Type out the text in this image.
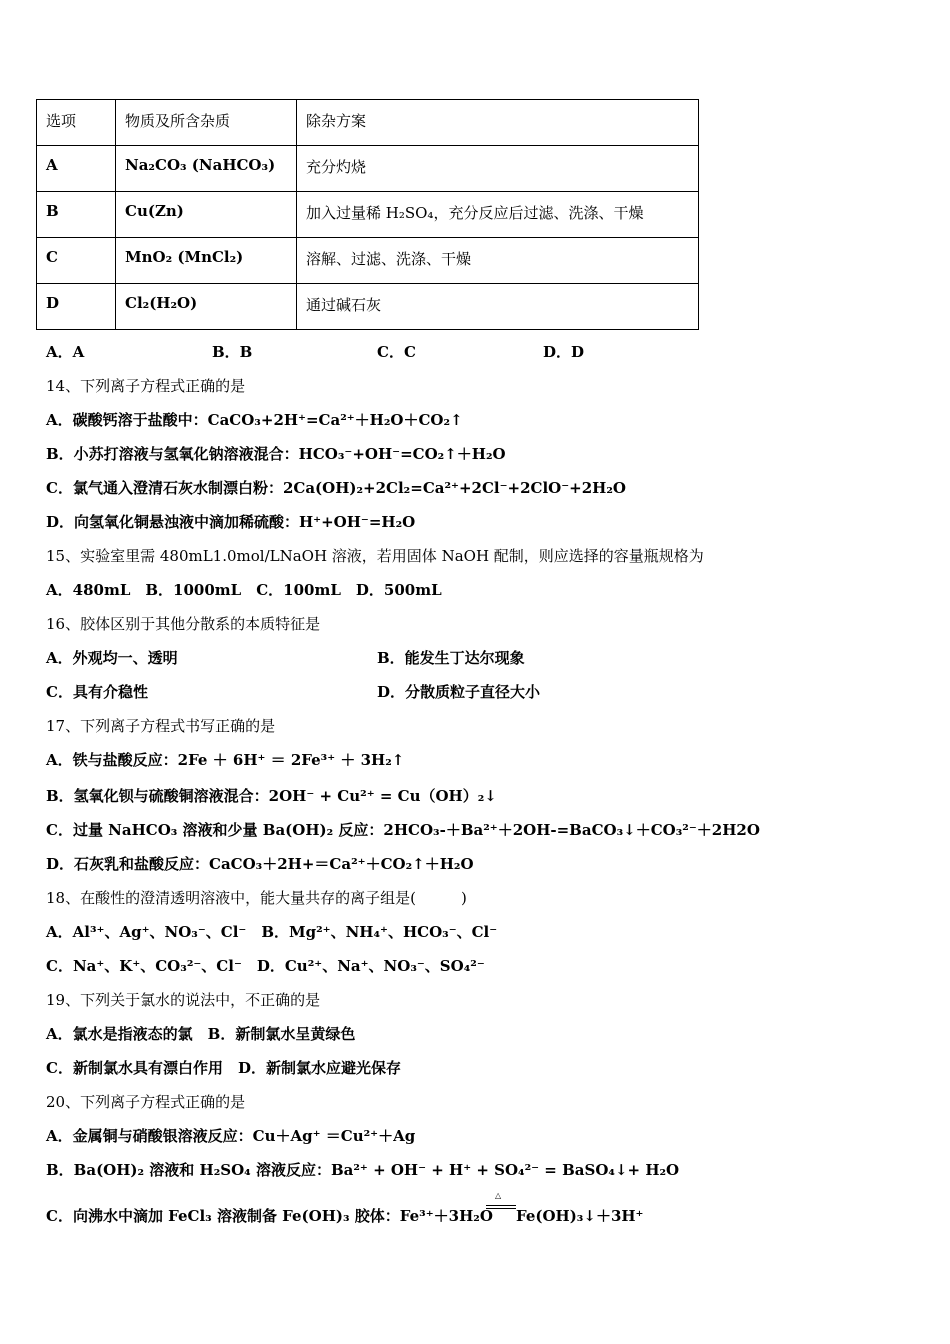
选项	物质及所含杂质	除杂方案
A	Na₂CO₃ (NaHCO₃)	充分灼烧
B	Cu(Zn)	加入过量稀 H₂SO₄，充分反应后过滤、洗涤、干燥
C	MnO₂ (MnCl₂)	溶解、过滤、洗涤、干燥
D	Cl₂(H₂O)	通过碱石灰
A．A	B．B	C．C	D．D
14、下列离子方程式正确的是
A．碳酸钙溶于盐酸中：CaCO₃+2H⁺=Ca²⁺＋H₂O＋CO₂↑
B．小苏打溶液与氢氧化钠溶液混合：HCO₃⁻+OH⁻=CO₂↑＋H₂O
C．氯气通入澄清石灰水制漂白粉：2Ca(OH)₂+2Cl₂=Ca²⁺+2Cl⁻+2ClO⁻+2H₂O
D．向氢氧化铜悬浊液中滴加稀硫酸：H⁺+OH⁻=H₂O
15、实验室里需 480mL1.0mol/LNaOH 溶液，若用固体 NaOH 配制，则应选择的容量瓶规格为
A．480mL　B．1000mL　C．100mL　D．500mL
16、胶体区别于其他分散系的本质特征是
A．外观均一、透明	B．能发生丁达尔现象
C．具有介稳性	D．分散质粒子直径大小
17、下列离子方程式书写正确的是
A．铁与盐酸反应：2Fe ＋ 6H⁺ ＝ 2Fe³⁺ ＋ 3H₂↑
B．氢氧化钡与硫酸铜溶液混合：2OH⁻ + Cu²⁺ = Cu（OH）₂↓
C．过量 NaHCO₃ 溶液和少量 Ba(OH)₂ 反应：2HCO₃-＋Ba²⁺＋2OH-=BaCO₃↓＋CO₃²⁻＋2H2O
D．石灰乳和盐酸反应：CaCO₃＋2H+＝Ca²⁺＋CO₂↑＋H₂O
18、在酸性的澄清透明溶液中，能大量共存的离子组是(　　　)
A．Al³⁺、Ag⁺、NO₃⁻、Cl⁻　B．Mg²⁺、NH₄⁺、HCO₃⁻、Cl⁻
C．Na⁺、K⁺、CO₃²⁻、Cl⁻　D．Cu²⁺、Na⁺、NO₃⁻、SO₄²⁻
19、下列关于氯水的说法中，不正确的是
A．氯水是指液态的氯　B．新制氯水呈黄绿色
C．新制氯水具有漂白作用　D．新制氯水应避光保存
20、下列离子方程式正确的是
A．金属铜与硝酸银溶液反应：Cu＋Ag⁺ ＝Cu²⁺＋Ag
B．Ba(OH)₂ 溶液和 H₂SO₄ 溶液反应：Ba²⁺ + OH⁻ + H⁺ + SO₄²⁻ = BaSO₄↓+ H₂O
C．向沸水中滴加 FeCl₃ 溶液制备 Fe(OH)₃ 胶体：Fe³⁺＋3H₂O
△
Fe(OH)₃↓＋3H⁺
